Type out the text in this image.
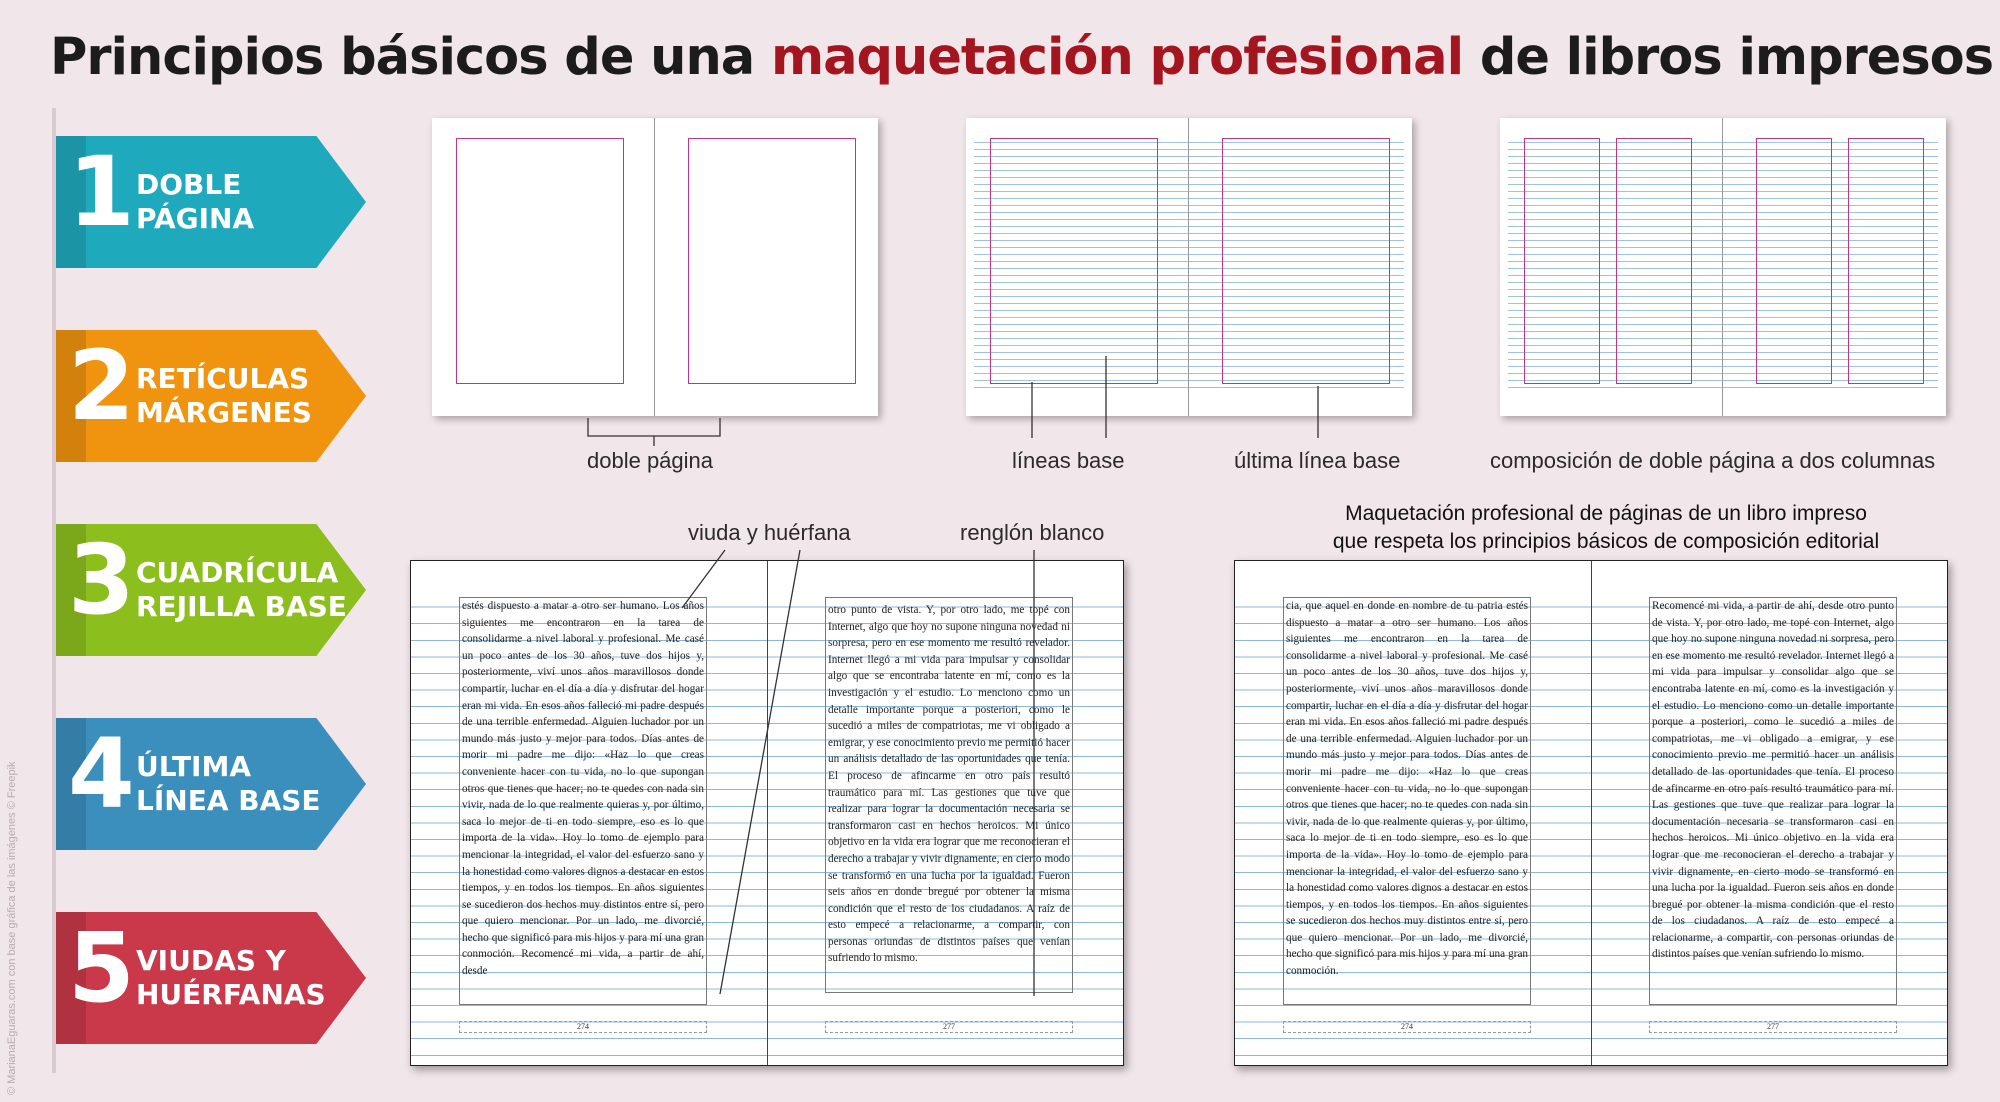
Principios básicos de una maquetación profesional de libros impresos
© MarianaEguaras.com con base gráfica de las imágenes © Freepik
1 DOBLE
PÁGINA
2 RETÍCULAS
MÁRGENES
3 CUADRÍCULA
REJILLA BASE
4 ÚLTIMA
LÍNEA BASE
5 VIUDAS Y
HUÉRFANAS
doble página	líneas base	última línea base	composición de doble página a dos columnas
viuda y huérfana	renglón blanco
Maquetación profesional de páginas de un libro impreso
que respeta los principios básicos de composición editorial
estés dispuesto a matar a otro ser humano. Los años siguientes me encontraron en la tarea de consolidarme a nivel laboral y profesional. Me casé un poco antes de los 30 años, tuve dos hijos y, posteriormente, viví unos años maravillosos donde compartir, luchar en el día a día y disfrutar del hogar eran mi vida. En esos años falleció mi padre después de una terrible enfermedad. Alguien luchador por un mundo más justo y mejor para todos. Días antes de morir mi padre me dijo: «Haz lo que creas conveniente hacer con tu vida, no lo que supongan otros que tienes que hacer; no te quedes con nada sin vivir, nada de lo que realmente quieras y, por último, saca lo mejor de ti en todo siempre, eso es lo que importa de la vida». Hoy lo tomo de ejemplo para mencionar la integridad, el valor del esfuerzo sano y la honestidad como valores dignos a destacar en estos tiempos, y en todos los tiempos. En años siguientes se sucedieron dos hechos muy distintos entre sí, pero que quiero mencionar. Por un lado, me divorcié, hecho que significó para mis hijos y para mí una gran conmoción. Recomencé mi vida, a partir de ahí, desde
otro punto de vista. Y, por otro lado, me topé con Internet, algo que hoy no supone ninguna novedad ni sorpresa, pero en ese momento me resultó revelador. Internet llegó a mi vida para impulsar y consolidar algo que se encontraba latente en mí, como es la investigación y el estudio. Lo menciono como un detalle importante porque a posteriori, como le sucedió a miles de compatriotas, me vi obligado a emigrar, y ese conocimiento previo me permitió hacer un análisis detallado de las oportunidades que tenía. El proceso de afincarme en otro país resultó traumático para mí. Las gestiones que tuve que realizar para lograr la documentación necesaria se transformaron casi en hechos heroicos. Mi único objetivo en la vida era lograr que me reconocieran el derecho a trabajar y vivir dignamente, en cierto modo se transformó en una lucha por la igualdad. Fueron seis años en donde bregué por obtener la misma condición que el resto de los ciudadanos. A raíz de esto empecé a relacionarme, a compartir, con personas oriundas de distintos países que venían sufriendo lo mismo.
274	277
cia, que aquel en donde en nombre de tu patria estés dispuesto a matar a otro ser humano. Los años siguientes me encontraron en la tarea de consolidarme a nivel laboral y profesional. Me casé un poco antes de los 30 años, tuve dos hijos y, posteriormente, viví unos años maravillosos donde compartir, luchar en el día a día y disfrutar del hogar eran mi vida. En esos años falleció mi padre después de una terrible enfermedad. Alguien luchador por un mundo más justo y mejor para todos. Días antes de morir mi padre me dijo: «Haz lo que creas conveniente hacer con tu vida, no lo que supongan otros que tienes que hacer; no te quedes con nada sin vivir, nada de lo que realmente quieras y, por último, saca lo mejor de ti en todo siempre, eso es lo que importa de la vida». Hoy lo tomo de ejemplo para mencionar la integridad, el valor del esfuerzo sano y la honestidad como valores dignos a destacar en estos tiempos, y en todos los tiempos. En años siguientes se sucedieron dos hechos muy distintos entre sí, pero que quiero mencionar. Por un lado, me divorcié, hecho que significó para mis hijos y para mí una gran conmoción.
Recomencé mi vida, a partir de ahí, desde otro punto de vista. Y, por otro lado, me topé con Internet, algo que hoy no supone ninguna novedad ni sorpresa, pero en ese momento me resultó revelador. Internet llegó a mi vida para impulsar y consolidar algo que se encontraba latente en mí, como es la investigación y el estudio. Lo menciono como un detalle importante porque a posteriori, como le sucedió a miles de compatriotas, me vi obligado a emigrar, y ese conocimiento previo me permitió hacer un análisis detallado de las oportunidades que tenía. El proceso de afincarme en otro país resultó traumático para mí. Las gestiones que tuve que realizar para lograr la documentación necesaria se transformaron casi en hechos heroicos. Mi único objetivo en la vida era lograr que me reconocieran el derecho a trabajar y vivir dignamente, en cierto modo se transformó en una lucha por la igualdad. Fueron seis años en donde bregué por obtener la misma condición que el resto de los ciudadanos. A raíz de esto empecé a relacionarme, a compartir, con personas oriundas de distintos países que venían sufriendo lo mismo.
274	277
